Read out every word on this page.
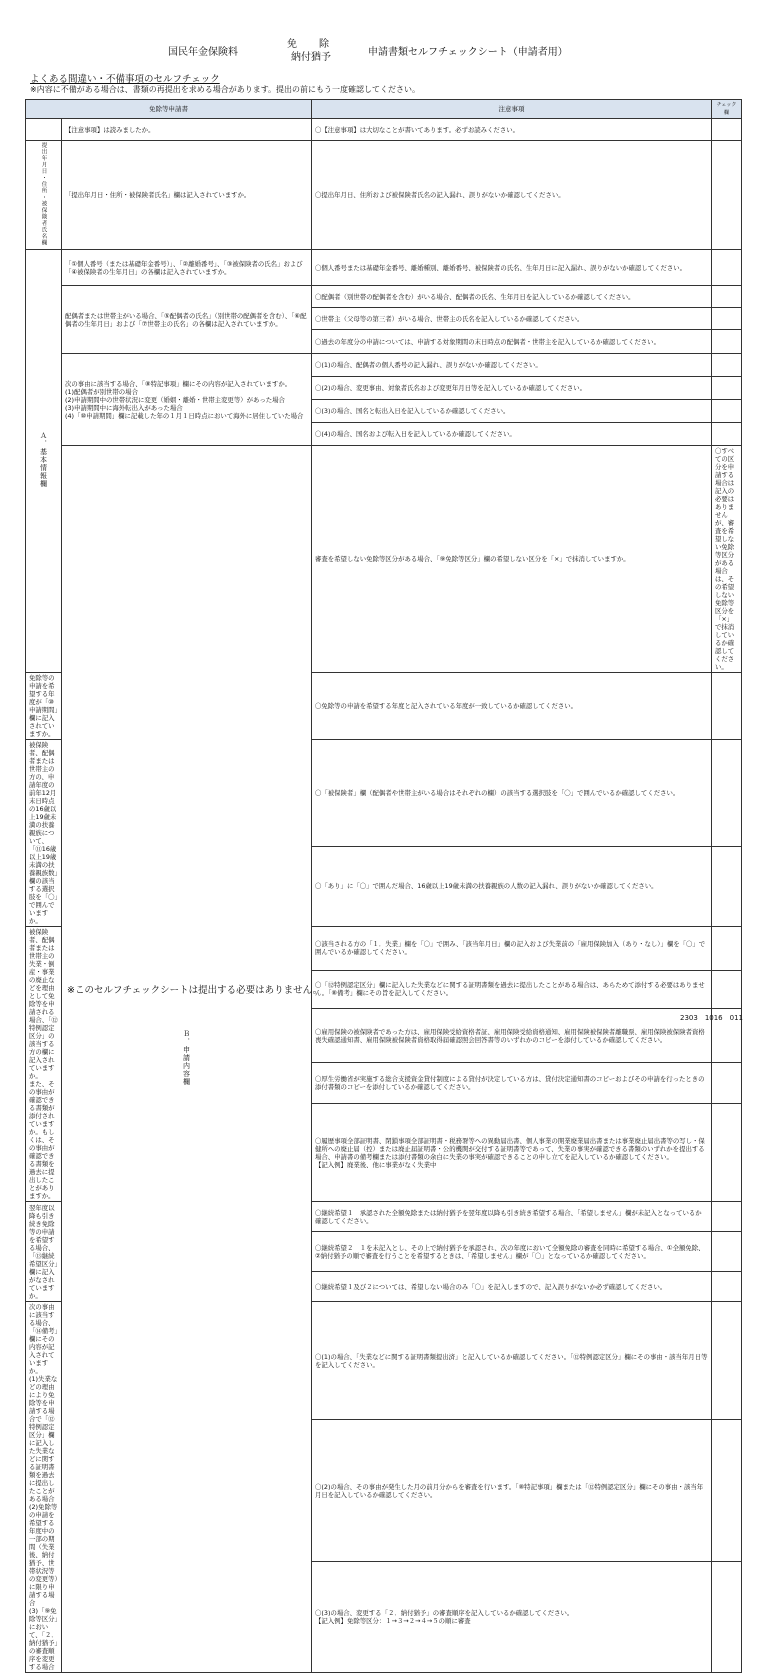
国民年金保険料
免　除
納付猶予	申請書類セルフチェックシート（申請者用）
よくある間違い・不備事項のセルフチェック
※内容に不備がある場合は、書類の再提出を求める場合があります。提出の前にもう一度確認してください。
免除等申請書		注意事項	チェック欄	
	【注意事項】は読みましたか。	〇【注意事項】は大切なことが書いてあります。必ずお読みください。		
提出年月日・住所・被保険者氏名欄	「提出年月日・住所・被保険者氏名」欄は記入されていますか。	〇提出年月日、住所および被保険者氏名の記入漏れ、誤りがないか確認してください。		
Ａ．基本情報欄	「①個人番号（または基礎年金番号）」、「②離婚番号」、「③被保険者の氏名」および「④被保険者の生年月日」の各欄は記入されていますか。	〇個人番号または基礎年金番号、離婚種別、離婚番号、被保険者の氏名、生年月日に記入漏れ、誤りがないか確認してください。		
	配偶者または世帯主がいる場合、「⑤配偶者の氏名」（別世帯の配偶者を含む）、「⑥配偶者の生年月日」および「⑦世帯主の氏名」の各欄は記入されていますか。	〇配偶者（別世帯の配偶者を含む）がいる場合、配偶者の氏名、生年月日を記入しているか確認してください。		
		〇世帯主（父母等の第三者）がいる場合、世帯主の氏名を記入しているか確認してください。		
		〇過去の年度分の申請については、申請する対象期間の末日時点の配偶者・世帯主を記入しているか確認してください。		
	次の事由に該当する場合、「⑧特記事項」欄にその内容が記入されていますか。
(1)配偶者が別世帯の場合
(2)申請期間中の世帯状況に変更（婚姻・離婚・世帯主変更等）があった場合
(3)申請期間中に海外転出入があった場合
(4)「⑩申請期間」欄に記載した年の１月１日時点において海外に居住していた場合	〇(1)の場合、配偶者の個人番号の記入漏れ、誤りがないか確認してください。		
		〇(2)の場合、変更事由、対象者氏名および変更年月日等を記入しているか確認してください。		
		〇(3)の場合、国名と転出入日を記入しているか確認してください。		
		〇(4)の場合、国名および転入日を記入しているか確認してください。		
	Ｂ．申請内容欄	審査を希望しない免除等区分がある場合、「⑨免除等区分」欄の希望しない区分を「×」で抹消していますか。	〇すべての区分を申請する場合は記入の必要はありませんが、審査を希望しない免除等区分がある場合は、その希望しない免除等区分を「×」で抹消しているか確認してください。	
免除等の申請を希望する年度が「⑩申請期間」欄に記入されていますか。		〇免除等の申請を希望する年度と記入されている年度が一致しているか確認してください。		
被保険者、配偶者または世帯主の方の、申請年度の前年12月末日時点の16歳以上19歳未満の扶養親族について、「⑪16歳以上19歳未満の扶養親族数」欄の該当する選択肢を「〇」で囲んでいますか。		〇「被保険者」欄（配偶者や世帯主がいる場合はそれぞれの欄）の該当する選択肢を「〇」で囲んでいるか確認してください。		
		〇「あり」に「〇」で囲んだ場合、16歳以上19歳未満の扶養親族の人数の記入漏れ、誤りがないか確認してください。		
被保険者、配偶者または世帯主の失業・倒産・事業の廃止などを理由として免除等を申請される場合、「⑫特例認定区分」の該当する方の欄に記入されていますか。
また、その事由が確認できる書類が添付されていますか。もしくは、その事由が確認できる書類を過去に提出したことがありますか。		〇該当される方の「１．失業」欄を「〇」で囲み、「該当年月日」欄の記入および失業前の「雇用保険加入（あり・なし）」欄を「〇」で囲んでいるか確認してください。		
		〇「⑫特例認定区分」欄に記入した失業などに関する証明書類を過去に提出したことがある場合は、あらためて添付する必要はありません。「⑧備考」欄にその旨を記入してください。		
		〇雇用保険の被保険者であった方は、雇用保険受給資格者証、雇用保険受給資格通知、雇用保険被保険者離職票、雇用保険被保険者資格喪失確認通知書、雇用保険被保険者資格取得届確認照会回答書等のいずれかのコピーを添付しているか確認してください。		
		〇厚生労働省が実施する総合支援資金貸付制度による貸付が決定している方は、貸付決定通知書のコピーおよびその申請を行ったときの添付書類のコピーを添付しているか確認してください。		
		〇履歴事項全部証明書、閉鎖事項全部証明書・税務署等への異動届出書、個人事業の開業廃業届出書または事業廃止届出書等の写し・保健所への廃止届（控）または廃止届証明書・公的機関が交付する証明書等であって、失業の事実が確認できる書類のいずれかを提出する場合、申請書の備考欄または添付書類の余白に失業の事実が確認できることの申し立てを記入しているか確認してください。
【記入例】廃業後、他に事業がなく失業中		
翌年度以降も引き続き免除等の申請を希望する場合、「⑬継続希望区分」欄に記入がなされていますか。		〇継続希望１　承認された全額免除または納付猶予を翌年度以降も引き続き希望する場合、「希望しません」欄が未記入となっているか確認してください。		
		〇継続希望２　１を未記入とし、その上で納付猶予を承認され、次の年度において全額免除の審査を同時に希望する場合、①全額免除、②納付猶予の順で審査を行うことを希望するときは、「希望しません」欄が「〇」となっているか確認してください。		
		〇継続希望１及び２については、希望しない場合のみ「〇」を記入しますので、記入誤りがないか必ず確認してください。		
次の事由に該当する場合、「⑭備考」欄にその内容が記入されていますか。
(1)失業などの理由により免除等を申請する場合で「⑫特例認定区分」欄に記入した失業などに関する証明書類を過去に提出したことがある場合
(2)免除等の申請を希望する年度中の一部の期間（失業後、納付猶予、世帯状況等の変更等）に限り申請する場合
(3)「⑨免除等区分」において、「２．納付猶予」の審査順序を変更する場合		〇(1)の場合、「失業などに関する証明書類提出済」と記入しているか確認してください。「⑫特例認定区分」欄にその事由・該当年月日等を記入してください。		
		〇(2)の場合、その事由が発生した月の前月分からを審査を行います。「⑧特記事項」欄または「⑫特例認定区分」欄にその事由・該当年月日を記入しているか確認してください。		
		〇(3)の場合、変更する「２．納付猶予」の審査順序を記入しているか確認してください。
【記入例】免除等区分：１→３→２→４→５の順に審査		
※このセルフチェックシートは提出する必要はありません。
2303　1016　011
